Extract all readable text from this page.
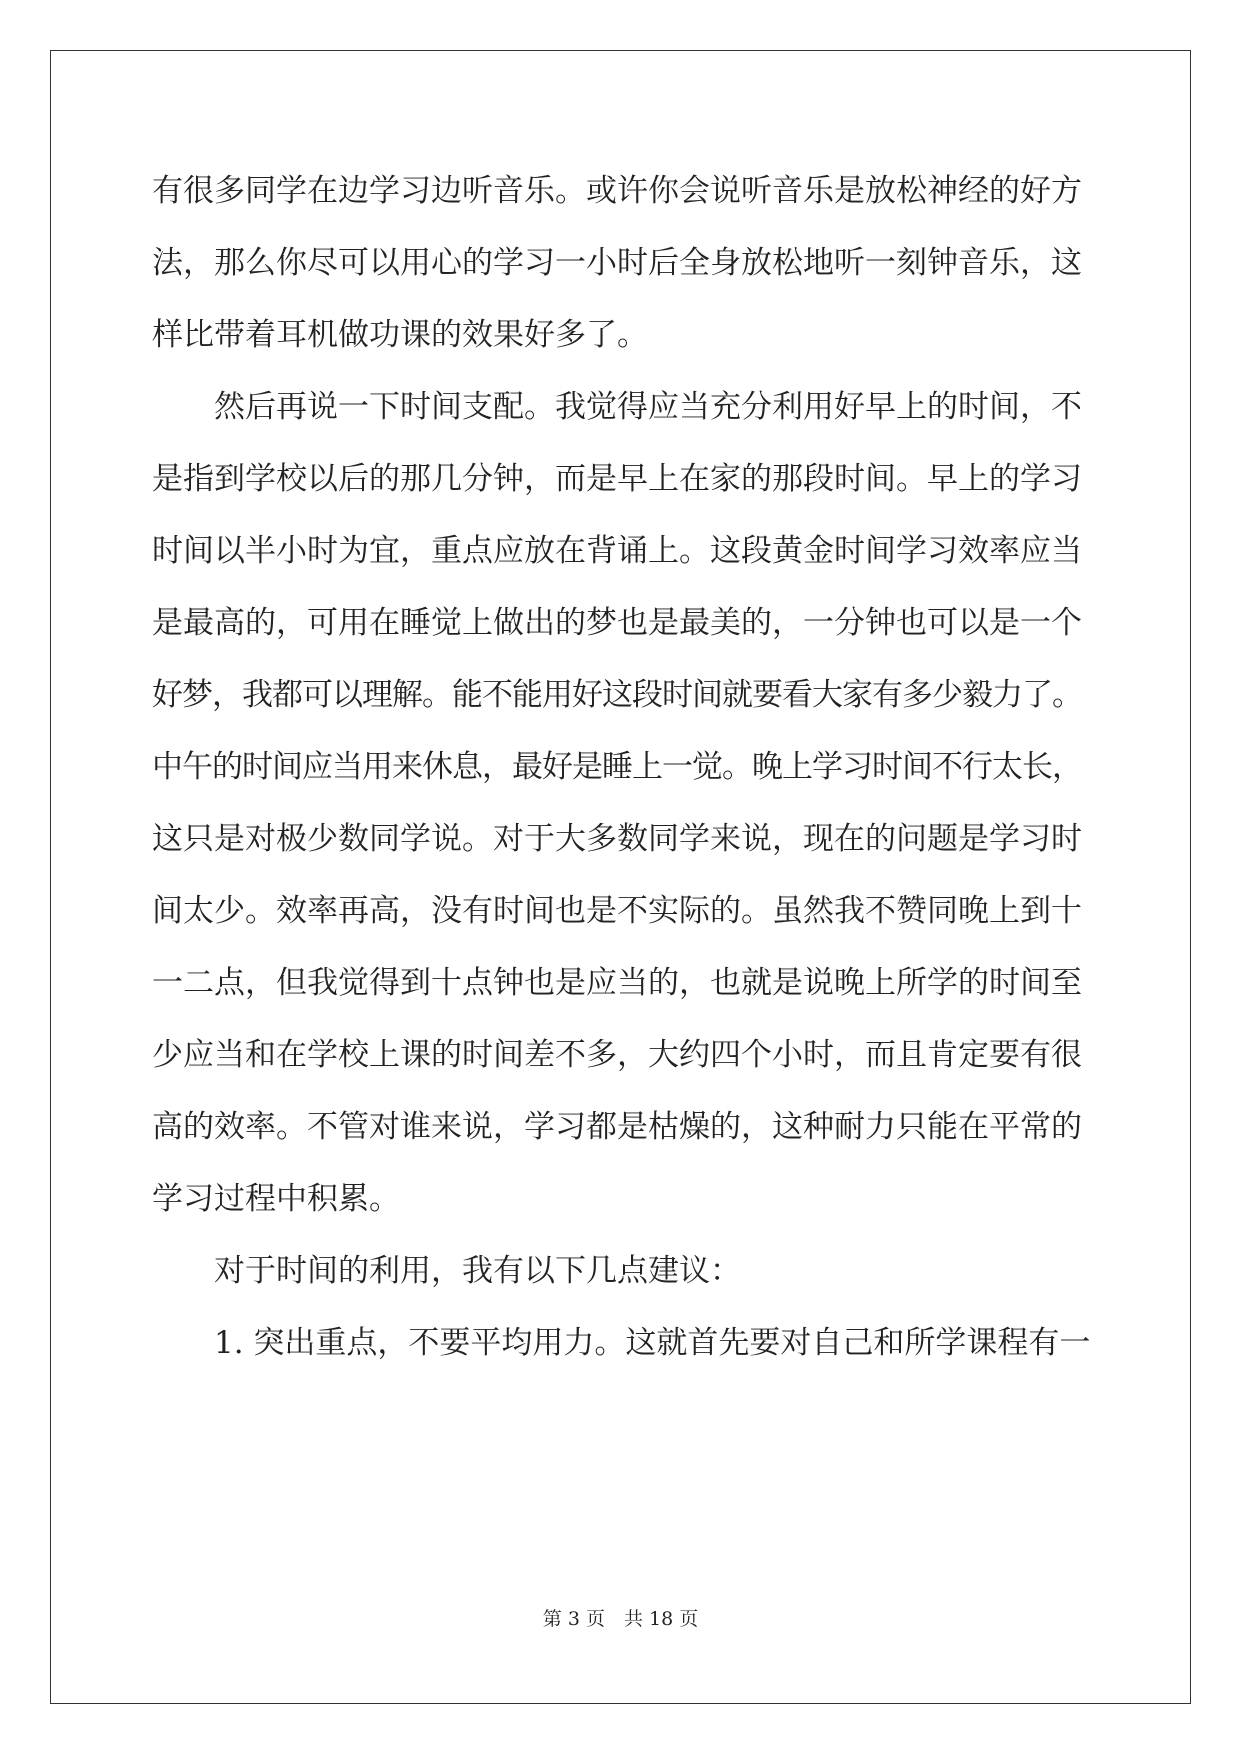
有很多同学在边学习边听音乐。或许你会说听音乐是放松神经的好方
法，那么你尽可以用心的学习一小时后全身放松地听一刻钟音乐，这
样比带着耳机做功课的效果好多了。
然后再说一下时间支配。我觉得应当充分利用好早上的时间，不
是指到学校以后的那几分钟，而是早上在家的那段时间。早上的学习
时间以半小时为宜，重点应放在背诵上。这段黄金时间学习效率应当
是最高的，可用在睡觉上做出的梦也是最美的，一分钟也可以是一个
好梦，我都可以理解。能不能用好这段时间就要看大家有多少毅力了。
中午的时间应当用来休息，最好是睡上一觉。晚上学习时间不行太长，
这只是对极少数同学说。对于大多数同学来说，现在的问题是学习时
间太少。效率再高，没有时间也是不实际的。虽然我不赞同晚上到十
一二点，但我觉得到十点钟也是应当的，也就是说晚上所学的时间至
少应当和在学校上课的时间差不多，大约四个小时，而且肯定要有很
高的效率。不管对谁来说，学习都是枯燥的，这种耐力只能在平常的
学习过程中积累。
对于时间的利用，我有以下几点建议：
1. 突出重点，不要平均用力。这就首先要对自己和所学课程有一
第 3 页　共 18 页
